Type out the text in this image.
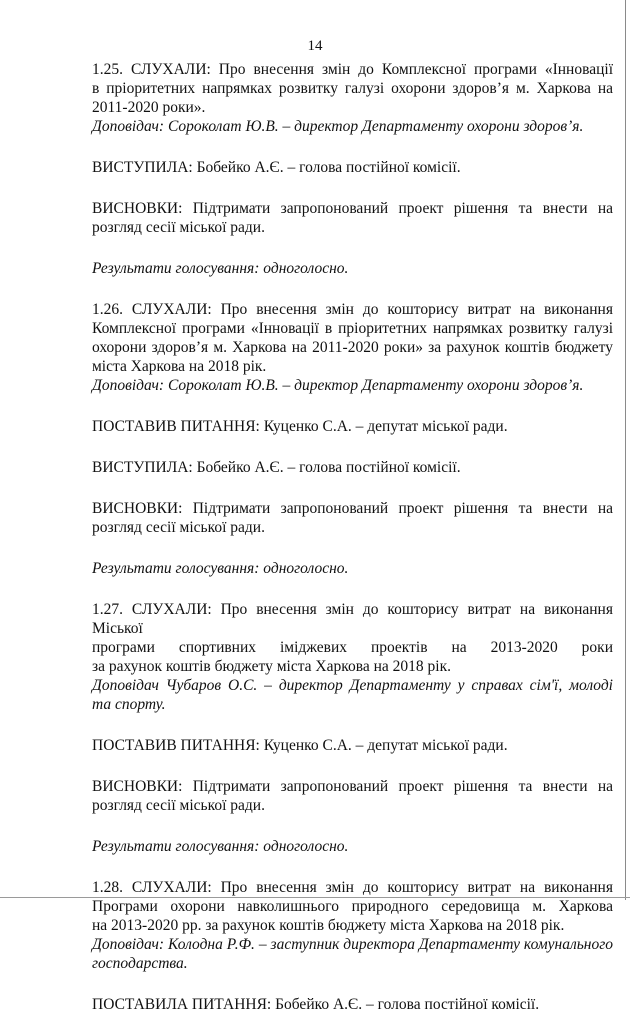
14

1.25. СЛУХАЛИ: Про внесення змін до Комплексної програми «Інновації

в пріоритетних напрямках розвитку галузі охорони здоров’я м. Харкова на

2011-2020 роки».

Доповідач: Сороколат Ю.В. – директор Департаменту охорони здоров’я.

ВИСТУПИЛА: Бобейко А.Є. – голова постійної комісії.

ВИСНОВКИ: Підтримати запропонований проект рішення та внести на

розгляд сесії міської ради.

Результати голосування: одноголосно.

1.26. СЛУХАЛИ: Про внесення змін до кошторису витрат на виконання

Комплексної програми «Інновації в пріоритетних напрямках розвитку галузі

охорони здоров’я м. Харкова на 2011-2020 роки» за рахунок коштів бюджету

міста Харкова на 2018 рік.

Доповідач: Сороколат Ю.В. – директор Департаменту охорони здоров’я.

ПОСТАВИВ ПИТАННЯ: Куценко С.А. – депутат міської ради.

ВИСТУПИЛА: Бобейко А.Є. – голова постійної комісії.

ВИСНОВКИ: Підтримати запропонований проект рішення та внести на

розгляд сесії міської ради.

Результати голосування: одноголосно.

1.27. СЛУХАЛИ: Про внесення змін до кошторису витрат на виконання Міської

програми спортивних іміджевих проектів на 2013-2020 роки

за рахунок коштів бюджету міста Харкова на 2018 рік.

Доповідач Чубаров О.С. – директор Департаменту у справах сім'ї, молоді

та спорту.

ПОСТАВИВ ПИТАННЯ: Куценко С.А. – депутат міської ради.

ВИСНОВКИ: Підтримати запропонований проект рішення та внести на

розгляд сесії міської ради.

Результати голосування: одноголосно.

1.28. СЛУХАЛИ: Про внесення змін до кошторису витрат на виконання

Програми охорони навколишнього природного середовища м. Харкова

на 2013-2020 рр. за рахунок коштів бюджету міста Харкова на 2018 рік.

Доповідач: Колодна Р.Ф. – заступник директора Департаменту комунального

господарства.

ПОСТАВИЛА ПИТАННЯ: Бобейко А.Є. – голова постійної комісії.
